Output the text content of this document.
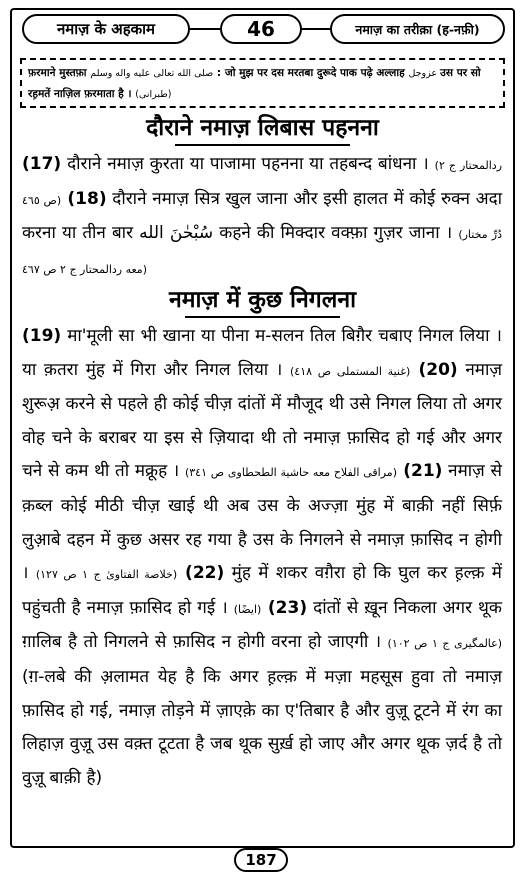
नमाज़ के अहकाम	46	नमाज़ का तरीक़ा (ह-नफ़ी)
फ़रमाने मुस्तफ़ा صلى الله تعالى عليه واله وسلم : जो मुझ पर दस मरतबा दुरूदे पाक पढ़े अल्लाह عزوجل उस पर सो रह़मतें नाज़िल फ़रमाता है । (طبرانی)
दौराने नमाज़ लिबास पहनना

(17) दौराने नमाज़ कुरता या पाजामा पहनना या तहबन्द बांधना । (ردالمحتار ج ۲ ص ٤٦٥) (18) दौराने नमाज़ सित्र खुल जाना और इसी हालत में कोई रुक्न अदा करना या तीन बार سُبْحٰنَ الله कहने की मिक्दार वक्फ़ा गुज़र जाना । (دُرِّ مختار معه ردالمحتار ج ۲ ص ٤٦٧)

नमाज़ में कुछ निगलना

(19) मा'मूली सा भी खाना या पीना म-सलन तिल बिग़ैर चबाए निगल लिया । या क़तरा मुंह में गिरा और निगल लिया । (غنية المستملی ص ٤١٨) (20) नमाज़ शुरूअ़ करने से पहले ही कोई चीज़ दांतों में मौजूद थी उसे निगल लिया तो अगर वोह चने के बराबर या इस से ज़ियादा थी तो नमाज़ फ़ासिद हो गई और अगर चने से कम थी तो मक्रूह । (مراقی الفلاح معه حاشية الطحطاوی ص ٣٤١) (21) नमाज़ से क़ब्ल कोई मीठी चीज़ खाई थी अब उस के अज्ज़ा मुंह में बाक़ी नहीं सिर्फ़ लुआ़बे दहन में कुछ असर रह गया है उस के निगलने से नमाज़ फ़ासिद न होगी । (خلاصة الفتاویٰ ج ۱ ص ۱۲۷) (22) मुंह में शकर वग़ैरा हो कि घुल कर ह़ल्क़ में पहुंचती है नमाज़ फ़ासिद हो गई । (ایضًا) (23) दांतों से ख़ून निकला अगर थूक ग़ालिब है तो निगलने से फ़ासिद न होगी वरना हो जाएगी । (عالمگیری ج ۱ ص ۱۰۲) (ग़-लबे की अ़लामत येह है कि अगर ह़ल्क़ में मज़ा महसूस हुवा तो नमाज़ फ़ासिद हो गई, नमाज़ तोड़ने में ज़ाएक़े का ए'तिबार है और वुज़ू टूटने में रंग का लिहाज़ वुज़ू उस वक़्त टूटता है जब थूक सुर्ख़ हो जाए और अगर थूक ज़र्द है तो वुज़ू बाक़ी है)

187
